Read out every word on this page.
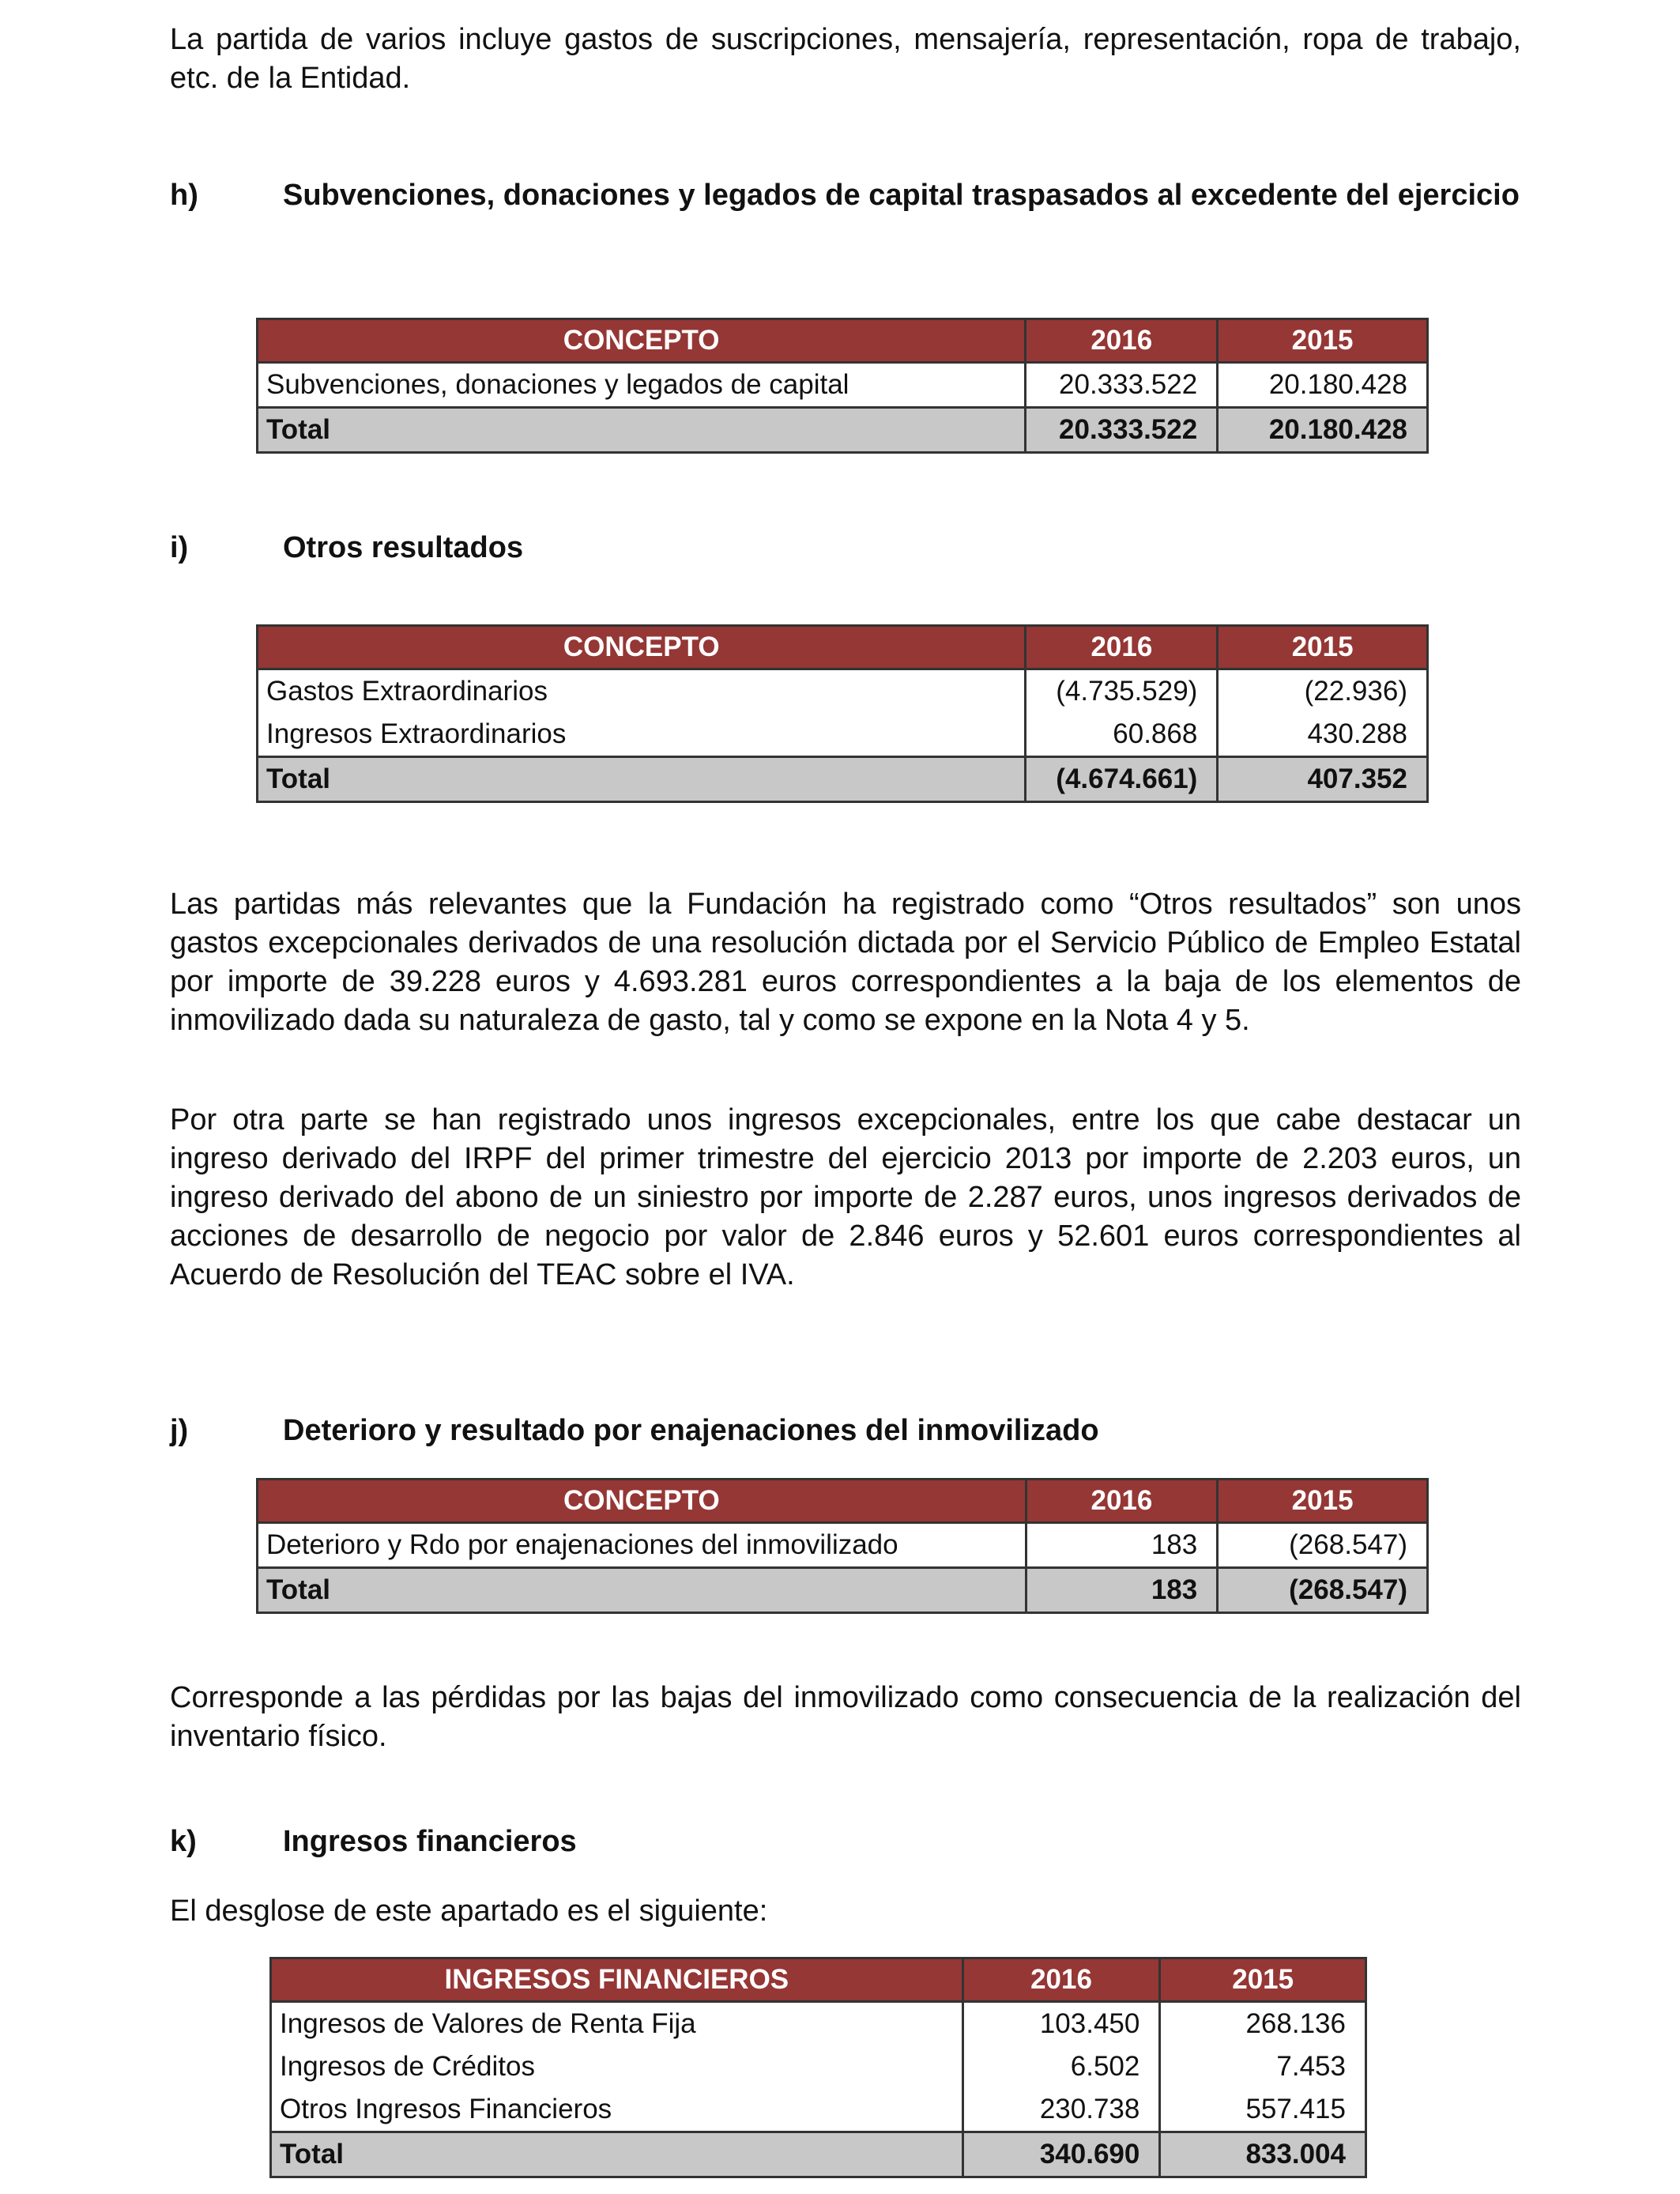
La partida de varios incluye gastos de suscripciones, mensajería, representación, ropa de trabajo, etc. de la Entidad.

h)	Subvenciones, donaciones y legados de capital traspasados al excedente del ejercicio
CONCEPTO	2016	2015
Subvenciones, donaciones y legados de capital	20.333.522	20.180.428
Total	20.333.522	20.180.428
i)	Otros resultados
CONCEPTO	2016	2015
Gastos Extraordinarios	(4.735.529)	(22.936)
Ingresos Extraordinarios	60.868	430.288
Total	(4.674.661)	407.352

Las partidas más relevantes que la Fundación ha registrado como “Otros resultados” son unos gastos excepcionales derivados de una resolución dictada por el Servicio Público de Empleo Estatal por importe de 39.228 euros y 4.693.281 euros correspondientes a la baja de los elementos de inmovilizado dada su naturaleza de gasto, tal y como se expone en la Nota 4 y 5.

Por otra parte se han registrado unos ingresos excepcionales, entre los que cabe destacar un ingreso derivado del IRPF del primer trimestre del ejercicio 2013 por importe de 2.203 euros, un ingreso derivado del abono de un siniestro por importe de 2.287 euros, unos ingresos derivados de acciones de desarrollo de negocio por valor de 2.846 euros y 52.601 euros correspondientes al Acuerdo de Resolución del TEAC sobre el IVA.

j)	Deterioro y resultado por enajenaciones del inmovilizado
CONCEPTO	2016	2015
Deterioro y Rdo por enajenaciones del inmovilizado	183	(268.547)
Total	183	(268.547)

Corresponde a las pérdidas por las bajas del inmovilizado como consecuencia de la realización del inventario físico.

k)	Ingresos financieros

El desglose de este apartado es el siguiente:

INGRESOS FINANCIEROS	2016	2015
Ingresos de Valores de Renta Fija	103.450	268.136
Ingresos de Créditos	6.502	7.453
Otros Ingresos Financieros	230.738	557.415
Total	340.690	833.004
